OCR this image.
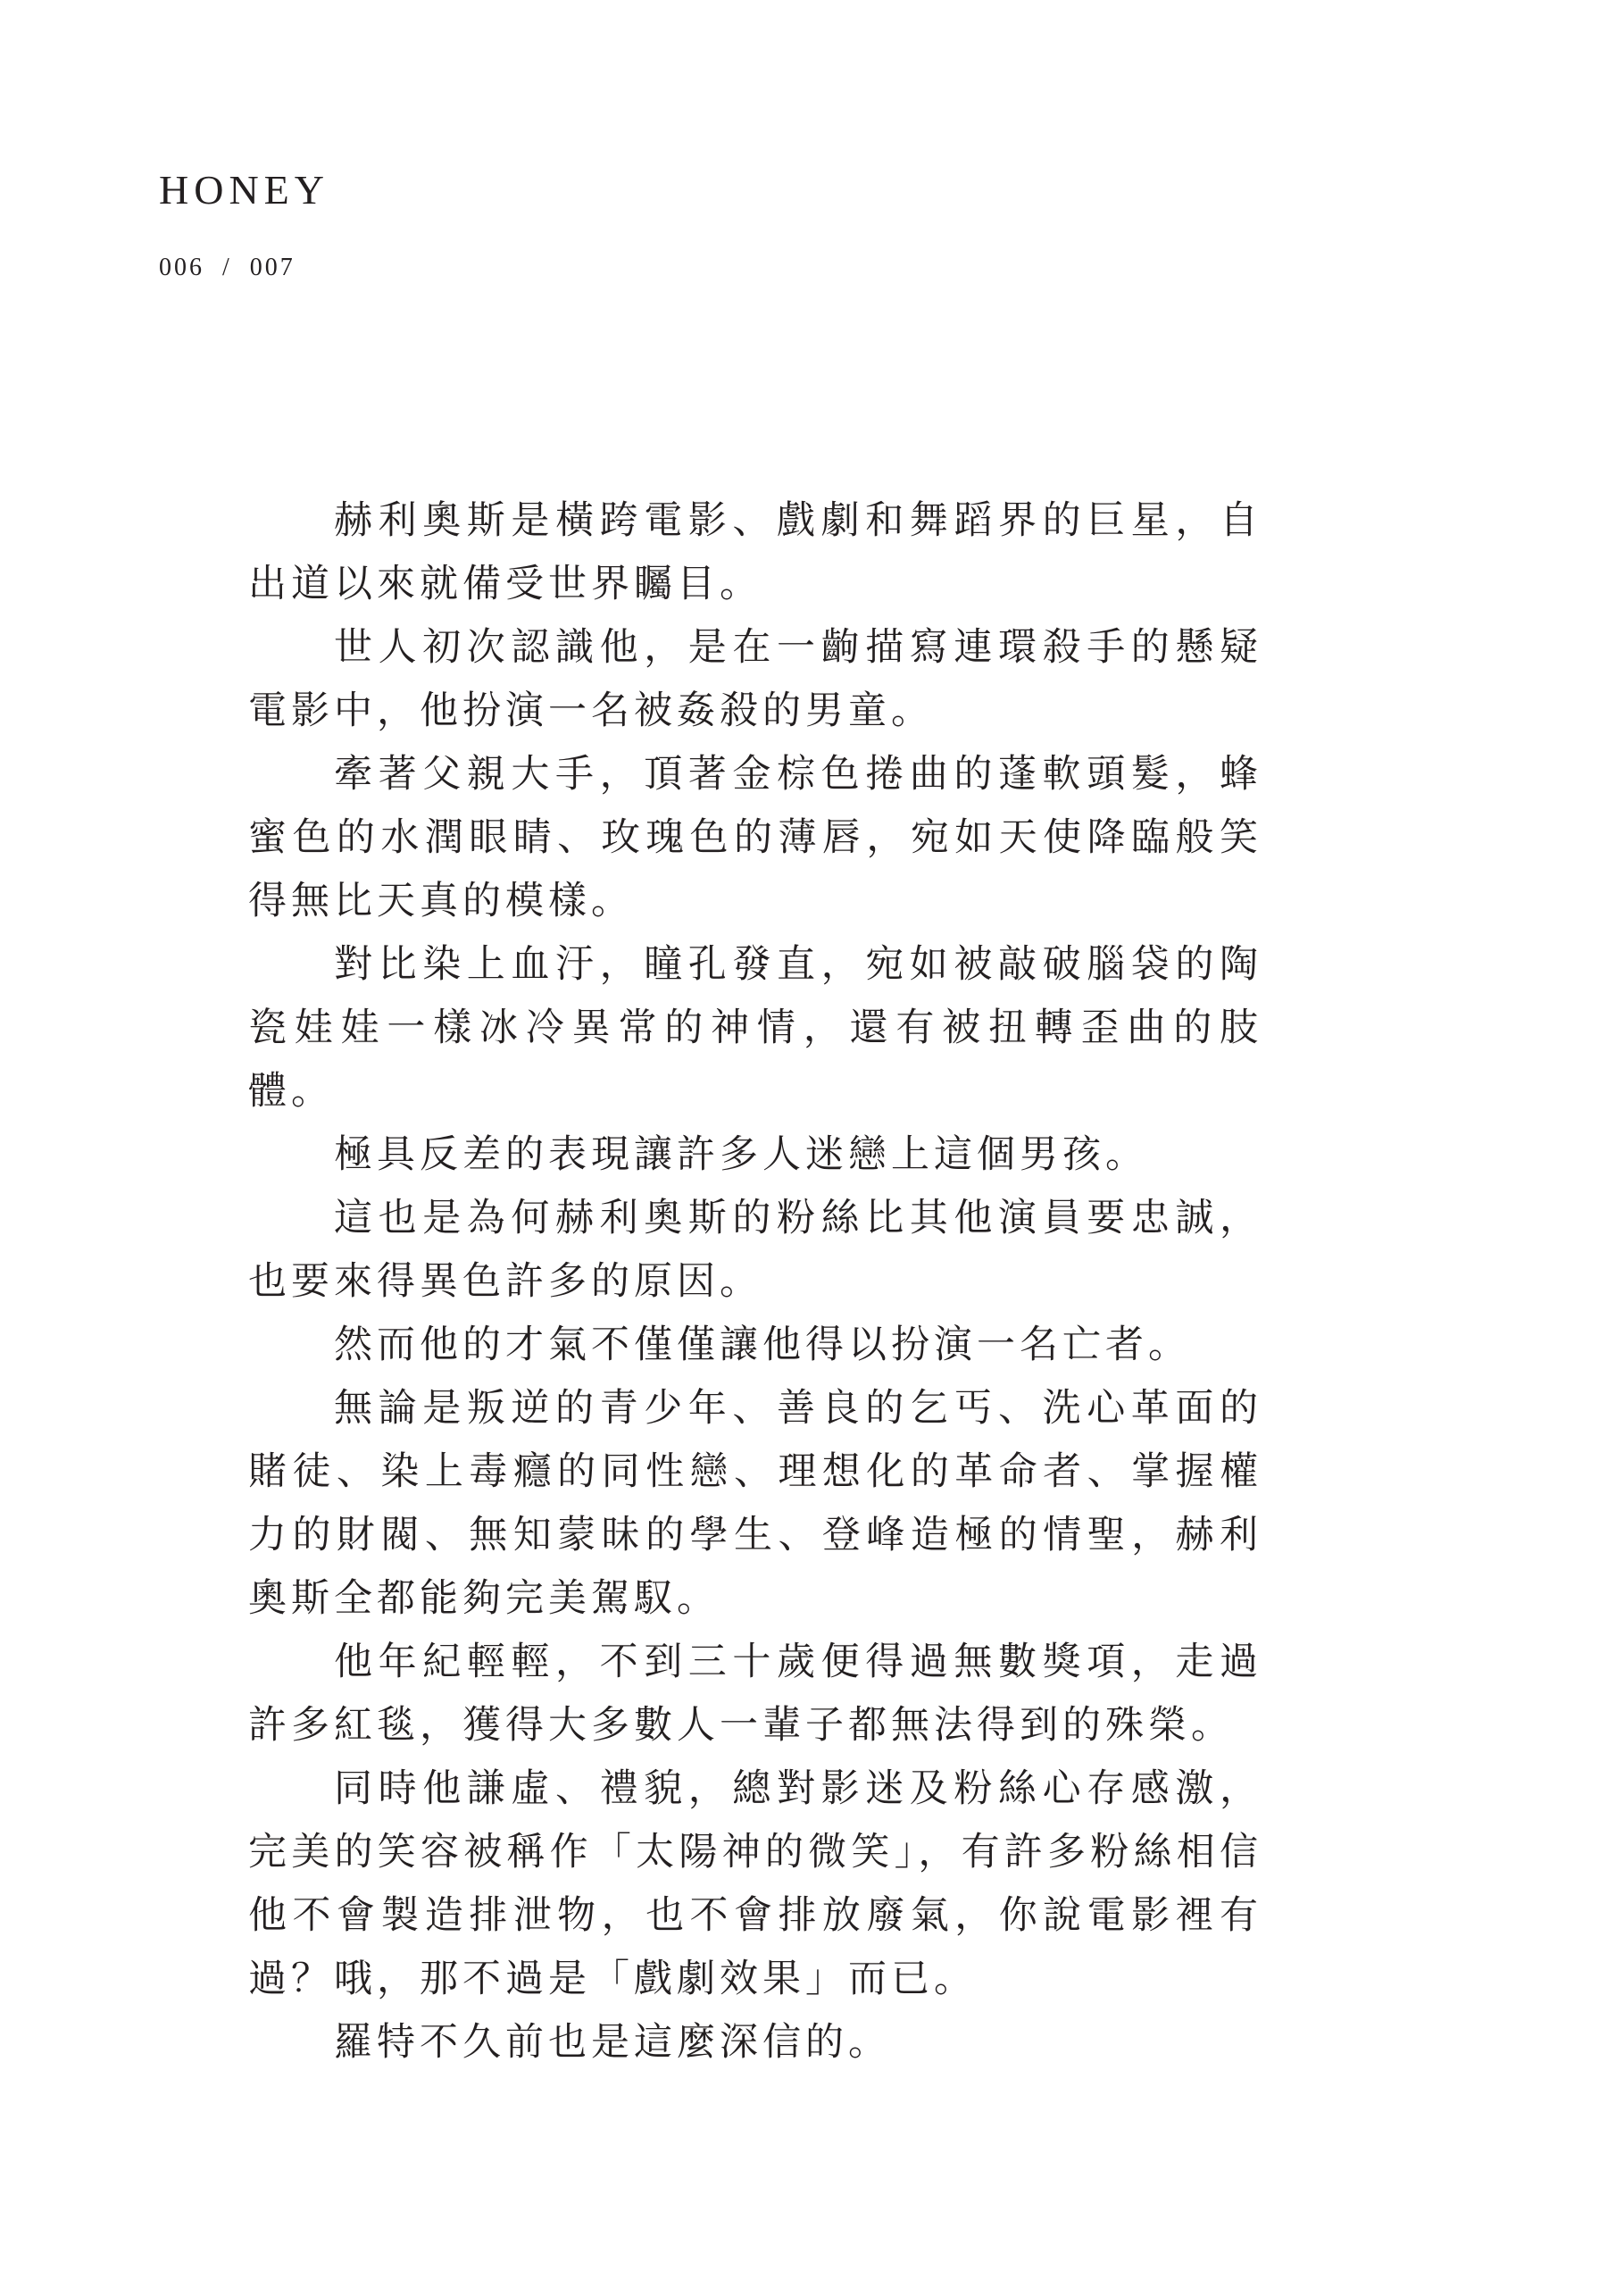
HONEY
006  /  007

赫利奧斯是橫跨電影、戲劇和舞蹈界的巨星，自出道以來就備受世界矚目。

世人初次認識他，是在一齣描寫連環殺手的懸疑電影中，他扮演一名被姦殺的男童。

牽著父親大手，頂著金棕色捲曲的蓬軟頭髮，蜂蜜色的水潤眼睛、玫瑰色的薄唇，宛如天使降臨般笑得無比天真的模樣。

對比染上血汙，瞳孔發直，宛如被敲破腦袋的陶瓷娃娃一樣冰冷異常的神情，還有被扭轉歪曲的肢體。

極具反差的表現讓許多人迷戀上這個男孩。

這也是為何赫利奧斯的粉絲比其他演員要忠誠，也要來得異色許多的原因。

然而他的才氣不僅僅讓他得以扮演一名亡者。

無論是叛逆的青少年、善良的乞丐、洗心革面的賭徒、染上毒癮的同性戀、理想化的革命者、掌握權力的財閥、無知蒙昧的學生、登峰造極的情聖，赫利奧斯全都能夠完美駕馭。

他年紀輕輕，不到三十歲便得過無數獎項，走過許多紅毯，獲得大多數人一輩子都無法得到的殊榮。

同時他謙虛、禮貌，總對影迷及粉絲心存感激，完美的笑容被稱作「太陽神的微笑」，有許多粉絲相信他不會製造排泄物，也不會排放廢氣，你說電影裡有過？哦，那不過是「戲劇效果」而已。

羅特不久前也是這麼深信的。
